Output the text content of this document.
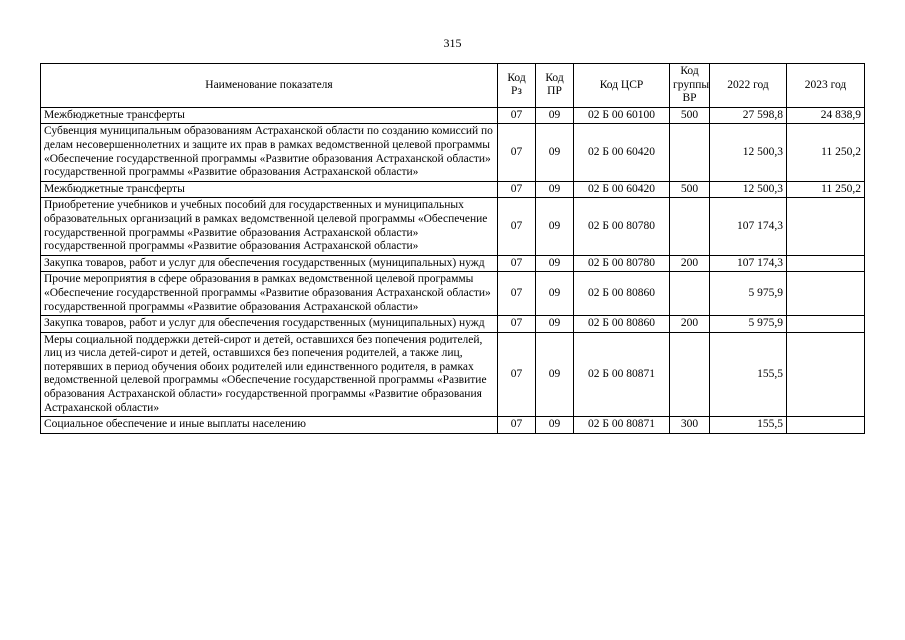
315
Наименование показателя	Код Рз	Код ПР	Код ЦСР	Код группы ВР	2022 год	2023 год
Межбюджетные трансферты	07	09	02 Б 00 60100	500	27 598,8	24 838,9
Субвенция муниципальным образованиям Астраханской области по созданию комиссий по делам несовершеннолетних и защите их прав в рамках ведомственной целевой программы «Обеспечение государственной программы «Развитие образования Астраханской области» государственной программы «Развитие образования Астраханской области»	07	09	02 Б 00 60420		12 500,3	11 250,2
Межбюджетные трансферты	07	09	02 Б 00 60420	500	12 500,3	11 250,2
Приобретение учебников и учебных пособий для государственных и муниципальных образовательных организаций в рамках ведомственной целевой программы «Обеспечение государственной программы «Развитие образования Астраханской области» государственной программы «Развитие образования Астраханской области»	07	09	02 Б 00 80780		107 174,3	
Закупка товаров, работ и услуг для обеспечения государственных (муниципальных) нужд	07	09	02 Б 00 80780	200	107 174,3	
Прочие мероприятия в сфере образования в рамках ведомственной целевой программы «Обеспечение государственной программы «Развитие образования Астраханской области» государственной программы «Развитие образования Астраханской области»	07	09	02 Б 00 80860		5 975,9	
Закупка товаров, работ и услуг для обеспечения государственных (муниципальных) нужд	07	09	02 Б 00 80860	200	5 975,9	
Меры социальной поддержки детей-сирот и детей, оставшихся без попечения родителей, лиц из числа детей-сирот и детей, оставшихся без попечения родителей, а также лиц, потерявших в период обучения обоих родителей или единственного родителя, в рамках ведомственной целевой программы «Обеспечение государственной программы «Развитие образования Астраханской области» государственной программы «Развитие образования Астраханской области»	07	09	02 Б 00 80871		155,5	
Социальное обеспечение и иные выплаты населению	07	09	02 Б 00 80871	300	155,5	
